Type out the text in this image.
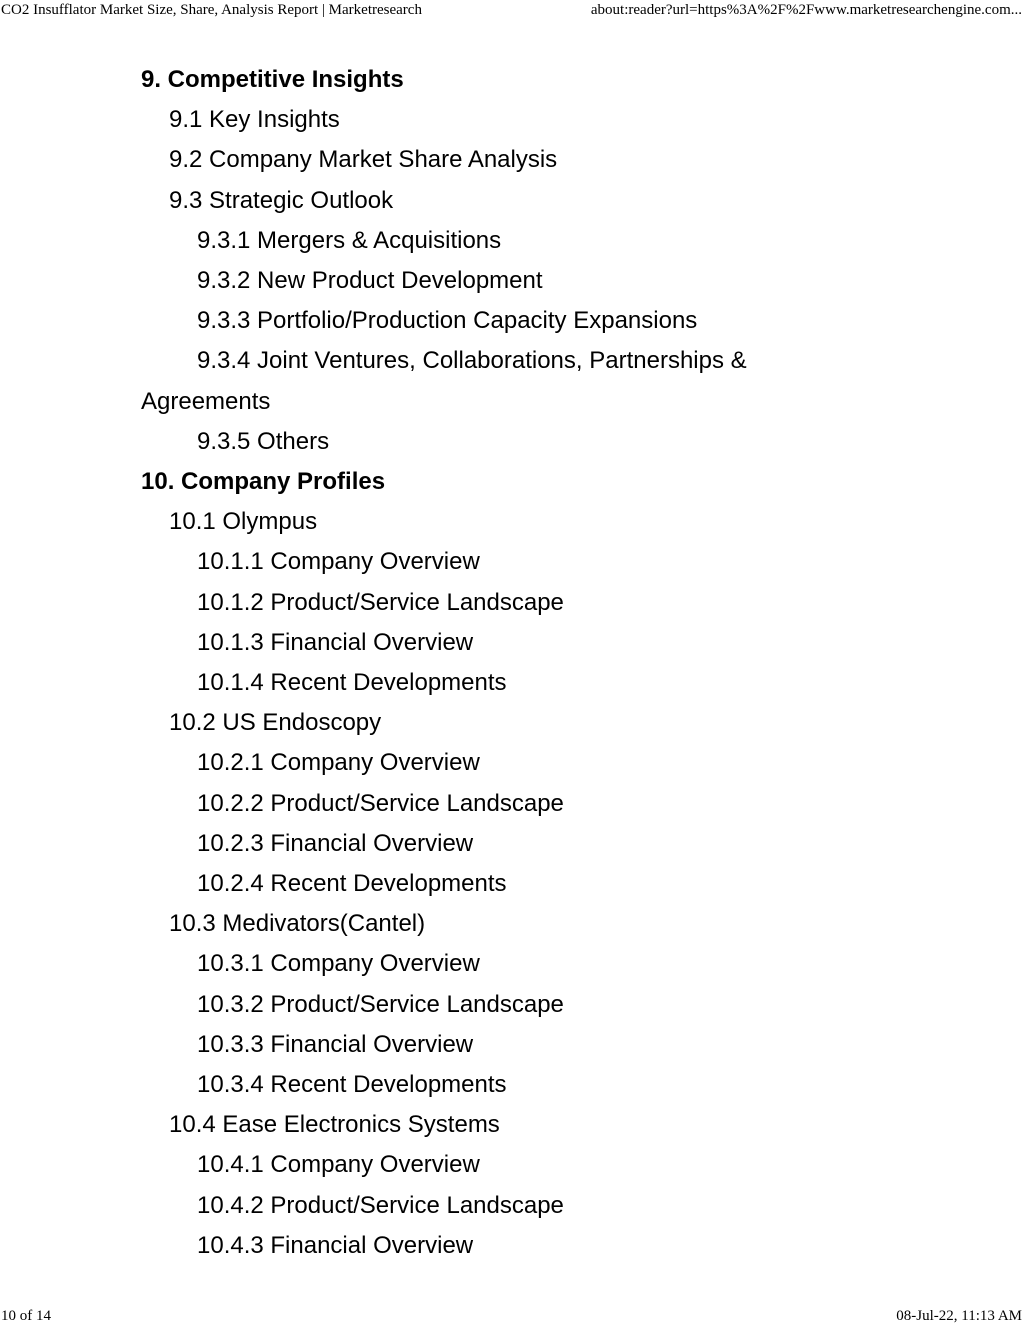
CO2 Insufflator Market Size, Share, Analysis Report | Marketresearch	about:reader?url=https%3A%2F%2Fwww.marketresearchengine.com...

9. Competitive Insights

9.1 Key Insights

9.2 Company Market Share Analysis

9.3 Strategic Outlook

9.3.1 Mergers & Acquisitions

9.3.2 New Product Development

9.3.3 Portfolio/Production Capacity Expansions

9.3.4 Joint Ventures, Collaborations, Partnerships & Agreements

9.3.5 Others

10. Company Profiles

10.1 Olympus

10.1.1 Company Overview

10.1.2 Product/Service Landscape

10.1.3 Financial Overview

10.1.4 Recent Developments

10.2 US Endoscopy

10.2.1 Company Overview

10.2.2 Product/Service Landscape

10.2.3 Financial Overview

10.2.4 Recent Developments

10.3 Medivators(Cantel)

10.3.1 Company Overview

10.3.2 Product/Service Landscape

10.3.3 Financial Overview

10.3.4 Recent Developments

10.4 Ease Electronics Systems

10.4.1 Company Overview

10.4.2 Product/Service Landscape

10.4.3 Financial Overview

10 of 14	08-Jul-22, 11:13 AM
